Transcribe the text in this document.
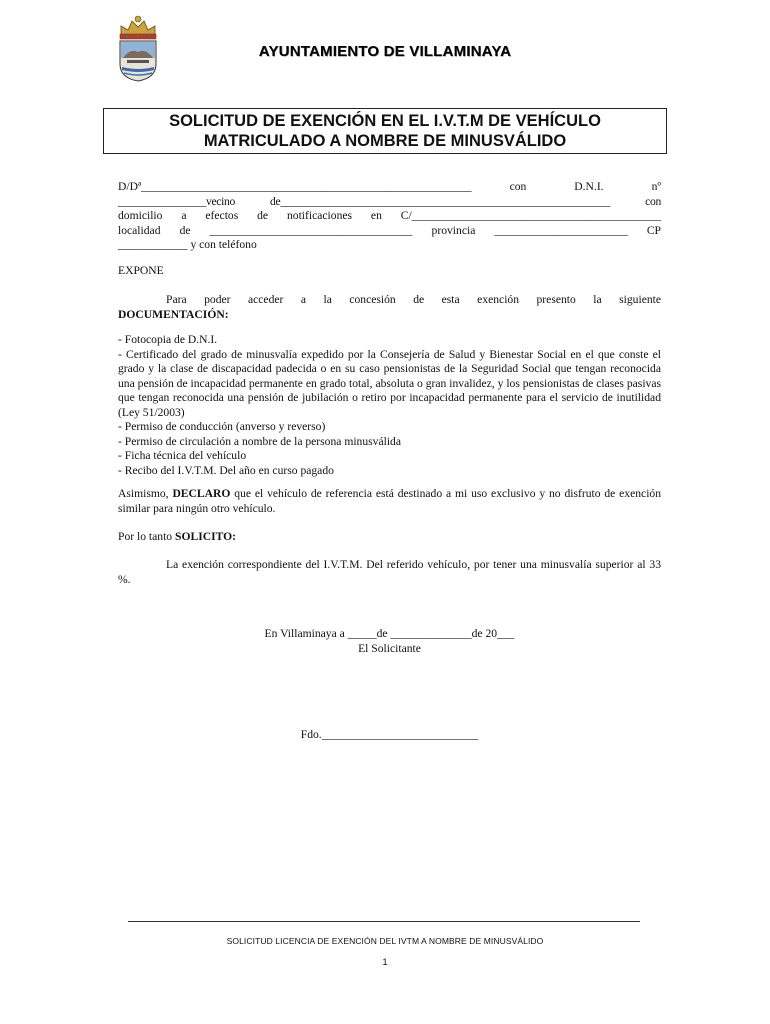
AYUNTAMIENTO DE VILLAMINAYA
SOLICITUD DE EXENCIÓN EN EL I.V.T.M DE VEHÍCULO
MATRICULADO A NOMBRE DE MINUSVÁLIDO
D/Dª_________________________________________________________	con	D.N.I.	nº
________________vecino de____________________________________________________________ con
domicilio a efectos de notificaciones en C/___________________________________________
localidad de ___________________________________ provincia _______________________ CP
____________ y con teléfono
EXPONE
Para poder acceder a la concesión de esta exención presento la siguiente
DOCUMENTACIÓN:
- Fotocopia de D.N.I.
- Certificado del grado de minusvalía expedido por la Consejería de Salud y Bienestar Social en el que conste el grado y la clase de discapacidad padecida o en su caso pensionistas de la Seguridad Social que tengan reconocida una pensión de incapacidad permanente en grado total, absoluta o gran invalidez, y los pensionistas de clases pasivas que tengan reconocida una pensión de jubilación o retiro por incapacidad permanente para el servicio de inutilidad (Ley 51/2003)
- Permiso de conducción (anverso y reverso)
- Permiso de circulación a nombre de la persona minusválida
- Ficha técnica del vehículo
- Recibo del I.V.T.M. Del año en curso pagado
Asimismo, DECLARO que el vehículo de referencia está destinado a mi uso exclusivo y no disfruto de exención similar para ningún otro vehículo.
Por lo tanto SOLICITO:
La exención correspondiente del I.V.T.M. Del referido vehículo, por tener una minusvalía superior al 33 %.
En Villaminaya a _____de ______________de 20___
El Solicitante
Fdo.___________________________
SOLICITUD LICENCIA DE EXENCIÓN DEL IVTM A NOMBRE DE MINUSVÁLIDO
1
